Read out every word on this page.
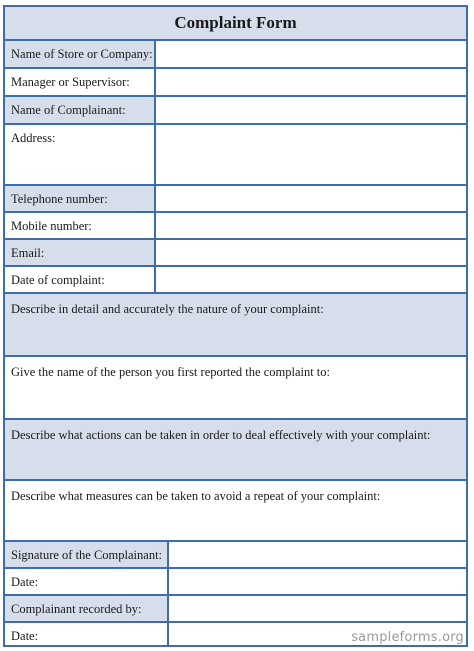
Complaint Form
Name of Store or Company:
Manager or Supervisor:
Name of Complainant:
Address:
Telephone number:
Mobile number:
Email:
Date of complaint:
Describe in detail and accurately the nature of your complaint:
Give the name of the person you first reported the complaint to:
Describe what actions can be taken in order to deal effectively with your complaint:
Describe what measures can be taken to avoid a repeat of your complaint:
Signature of the Complainant:
Date:
Complainant recorded by:
Date:	sampleforms.org
